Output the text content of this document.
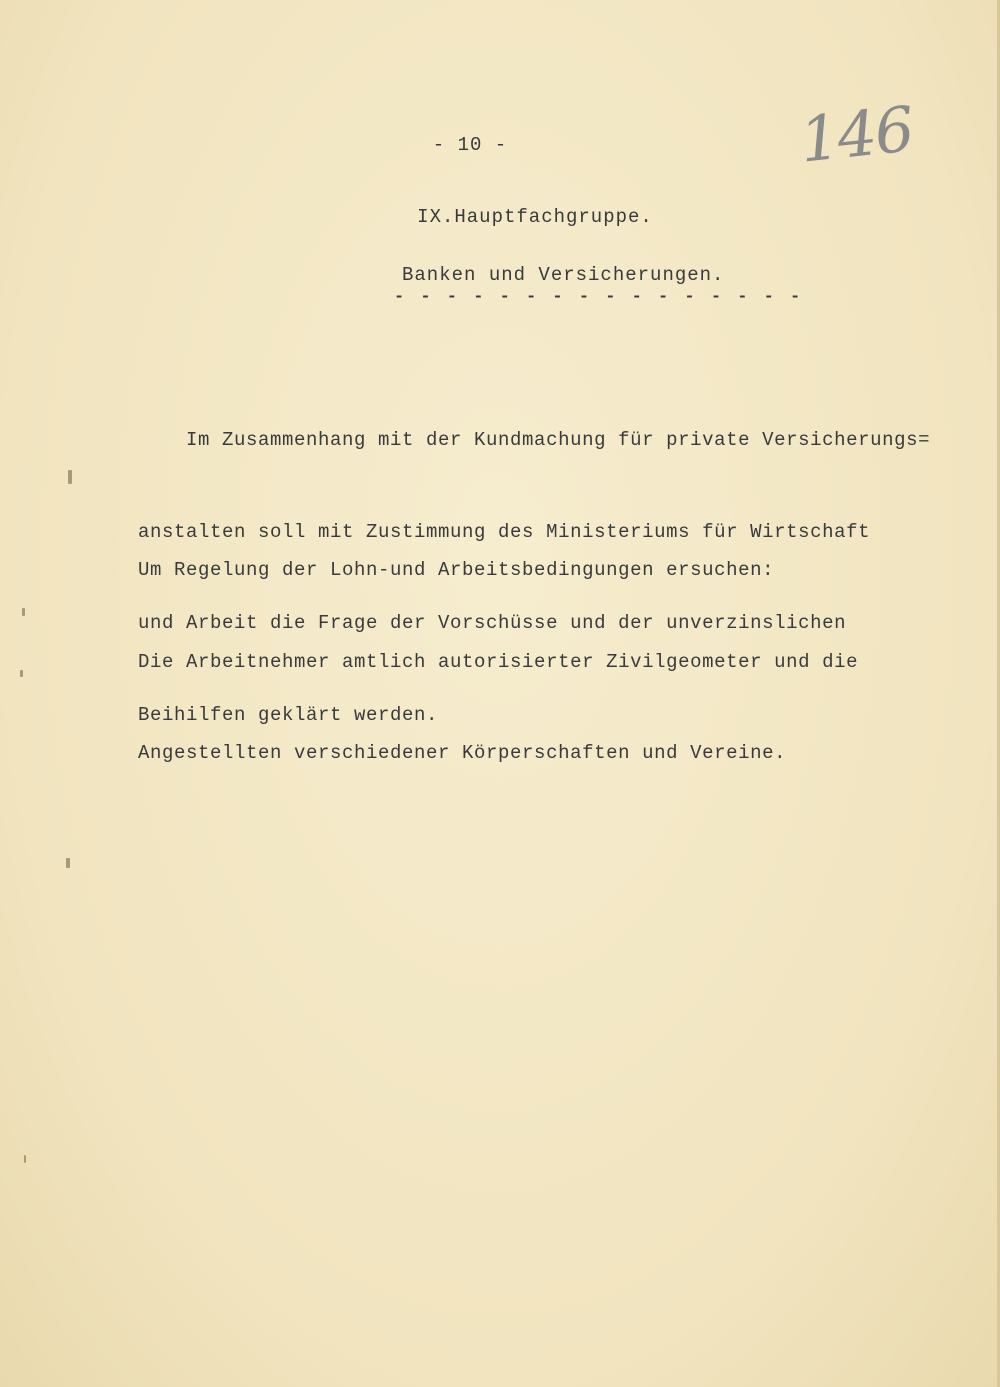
- 10 -	146
IX.Hauptfachgruppe.
Banken und Versicherungen.
- - - - - - - - - - - - - - - -

Im Zusammenhang mit der Kundmachung für private Versicherungs=

anstalten soll mit Zustimmung des Ministeriums für Wirtschaft

und Arbeit die Frage der Vorschüsse und der unverzinslichen

Beihilfen geklärt werden.

Um Regelung der Lohn-und Arbeitsbedingungen ersuchen:

Die Arbeitnehmer amtlich autorisierter Zivilgeometer und die

Angestellten verschiedener Körperschaften und Vereine.
